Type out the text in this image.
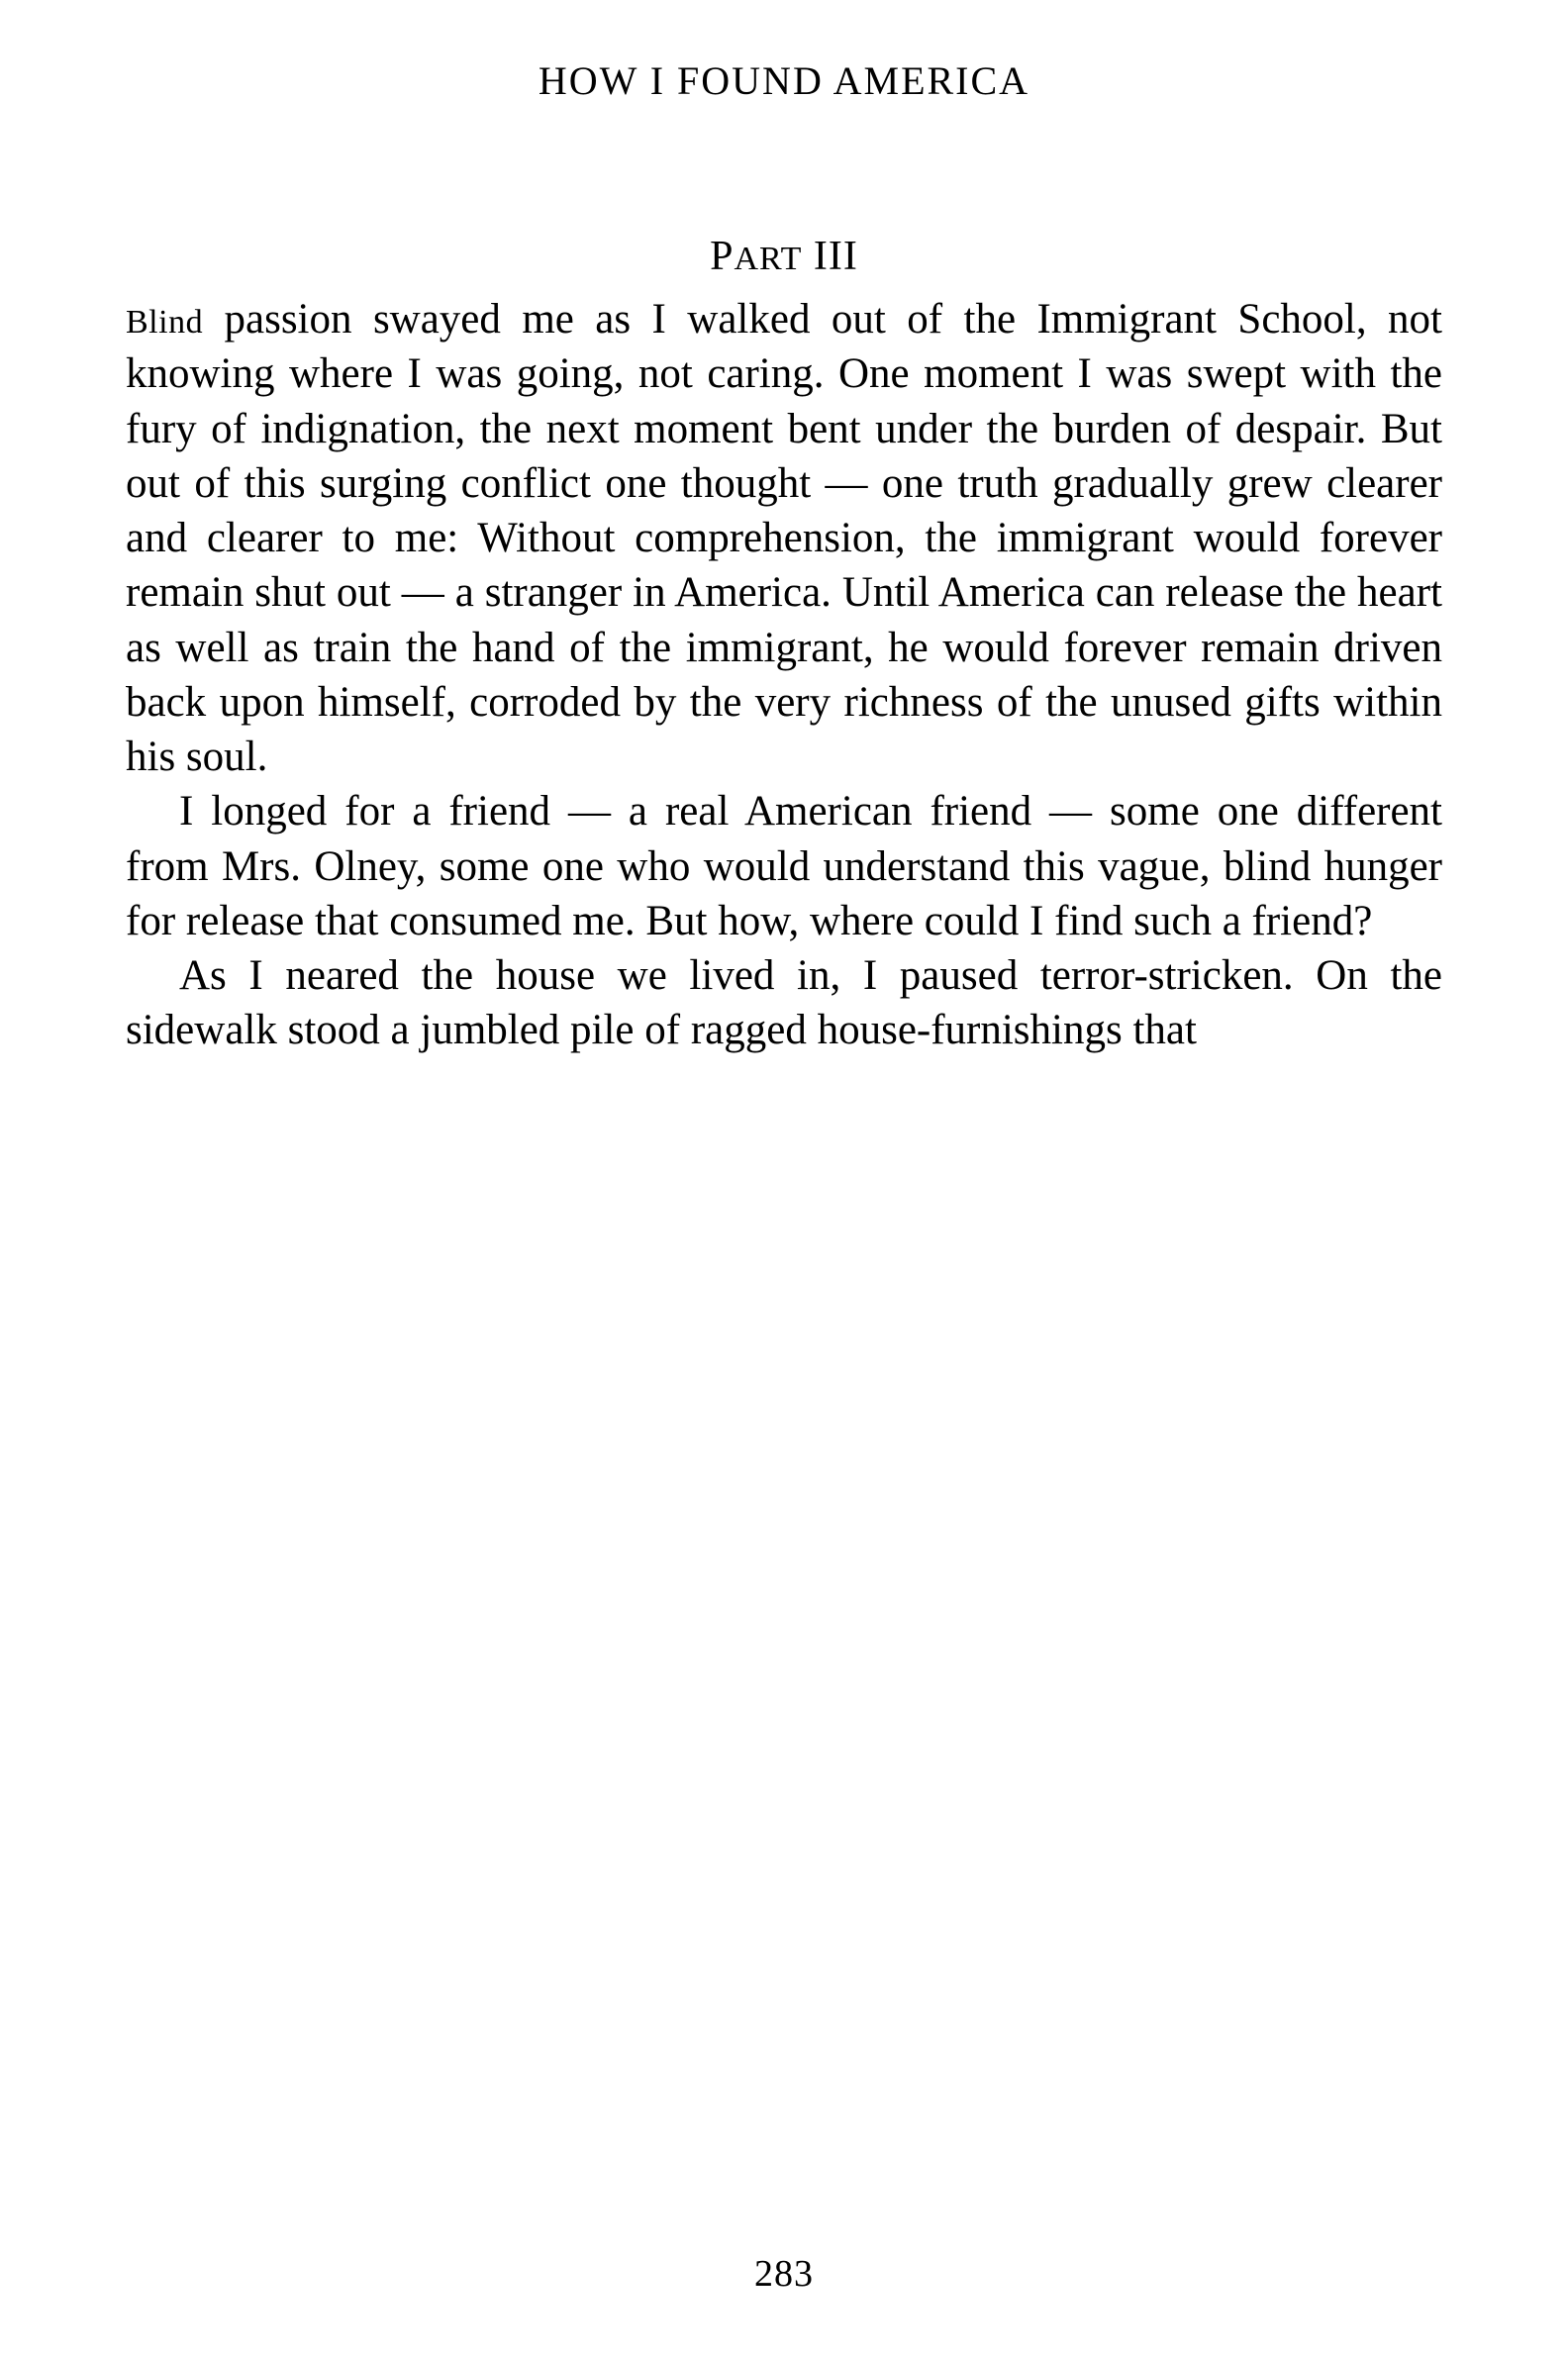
HOW I FOUND AMERICA
PART III

Blind passion swayed me as I walked out of the Immigrant School, not knowing where I was going, not caring. One moment I was swept with the fury of indignation, the next moment bent under the burden of despair. But out of this surging conflict one thought — one truth gradually grew clearer and clearer to me: Without comprehension, the immigrant would forever remain shut out — a stranger in America. Until America can release the heart as well as train the hand of the immigrant, he would forever remain driven back upon himself, corroded by the very richness of the unused gifts within his soul.

I longed for a friend — a real American friend — some one different from Mrs. Olney, some one who would understand this vague, blind hunger for release that consumed me. But how, where could I find such a friend?

As I neared the house we lived in, I paused terror-stricken. On the sidewalk stood a jumbled pile of ragged house-furnishings that

283
